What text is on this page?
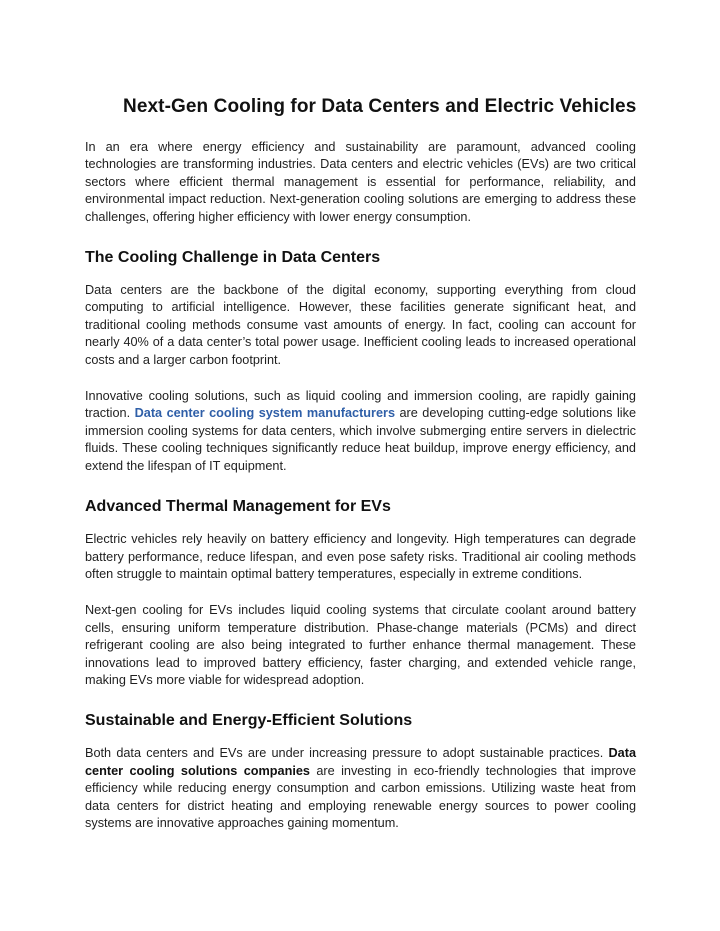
Next-Gen Cooling for Data Centers and Electric Vehicles

In an era where energy efficiency and sustainability are paramount, advanced cooling technologies are transforming industries. Data centers and electric vehicles (EVs) are two critical sectors where efficient thermal management is essential for performance, reliability, and environmental impact reduction. Next-generation cooling solutions are emerging to address these challenges, offering higher efficiency with lower energy consumption.

The Cooling Challenge in Data Centers

Data centers are the backbone of the digital economy, supporting everything from cloud computing to artificial intelligence. However, these facilities generate significant heat, and traditional cooling methods consume vast amounts of energy. In fact, cooling can account for nearly 40% of a data center’s total power usage. Inefficient cooling leads to increased operational costs and a larger carbon footprint.

Innovative cooling solutions, such as liquid cooling and immersion cooling, are rapidly gaining traction. Data center cooling system manufacturers are developing cutting-edge solutions like immersion cooling systems for data centers, which involve submerging entire servers in dielectric fluids. These cooling techniques significantly reduce heat buildup, improve energy efficiency, and extend the lifespan of IT equipment.

Advanced Thermal Management for EVs

Electric vehicles rely heavily on battery efficiency and longevity. High temperatures can degrade battery performance, reduce lifespan, and even pose safety risks. Traditional air cooling methods often struggle to maintain optimal battery temperatures, especially in extreme conditions.

Next-gen cooling for EVs includes liquid cooling systems that circulate coolant around battery cells, ensuring uniform temperature distribution. Phase-change materials (PCMs) and direct refrigerant cooling are also being integrated to further enhance thermal management. These innovations lead to improved battery efficiency, faster charging, and extended vehicle range, making EVs more viable for widespread adoption.

Sustainable and Energy-Efficient Solutions

Both data centers and EVs are under increasing pressure to adopt sustainable practices. Data center cooling solutions companies are investing in eco-friendly technologies that improve efficiency while reducing energy consumption and carbon emissions. Utilizing waste heat from data centers for district heating and employing renewable energy sources to power cooling systems are innovative approaches gaining momentum.
